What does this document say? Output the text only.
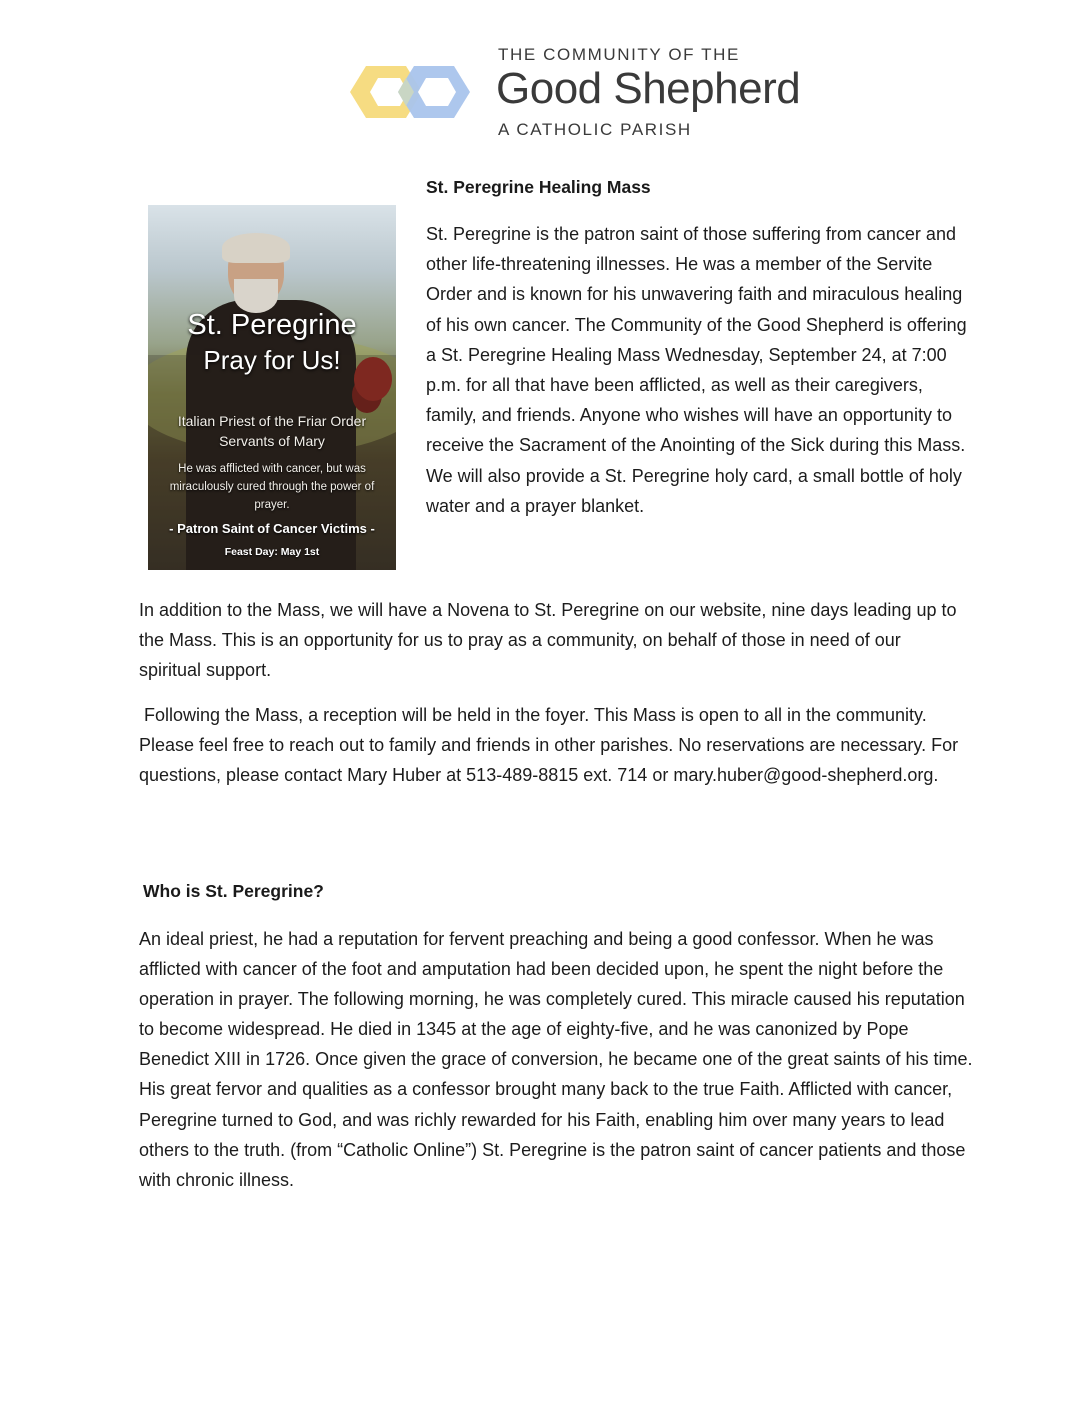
THE COMMUNITY OF THE
Good Shepherd
A CATHOLIC PARISH
St. Peregrine Healing Mass
St. Peregrine
Pray for Us!
Italian Priest of the Friar Order Servants of Mary
He was afflicted with cancer, but was miraculously cured through the power of prayer.
- Patron Saint of Cancer Victims -
Feast Day: May 1st

St. Peregrine is the patron saint of those suffering from cancer and other life-threatening illnesses. He was a member of the Servite Order and is known for his unwavering faith and miraculous healing of his own cancer. The Community of the Good Shepherd is offering a St. Peregrine Healing Mass Wednesday, September 24, at 7:00 p.m. for all that have been afflicted, as well as their caregivers, family, and friends. Anyone who wishes will have an opportunity to receive the Sacrament of the Anointing of the Sick during this Mass. We will also provide a St. Peregrine holy card, a small bottle of holy water and a prayer blanket.

In addition to the Mass, we will have a Novena to St. Peregrine on our website, nine days leading up to the Mass. This is an opportunity for us to pray as a community, on behalf of those in need of our spiritual support.

Following the Mass, a reception will be held in the foyer. This Mass is open to all in the community. Please feel free to reach out to family and friends in other parishes. No reservations are necessary. For questions, please contact Mary Huber at 513-489-8815 ext. 714 or mary.huber@good-shepherd.org.

Who is St. Peregrine?

An ideal priest, he had a reputation for fervent preaching and being a good confessor. When he was afflicted with cancer of the foot and amputation had been decided upon, he spent the night before the operation in prayer. The following morning, he was completely cured. This miracle caused his reputation to become widespread. He died in 1345 at the age of eighty-five, and he was canonized by Pope Benedict XIII in 1726. Once given the grace of conversion, he became one of the great saints of his time. His great fervor and qualities as a confessor brought many back to the true Faith. Afflicted with cancer, Peregrine turned to God, and was richly rewarded for his Faith, enabling him over many years to lead others to the truth. (from “Catholic Online”) St. Peregrine is the patron saint of cancer patients and those with chronic illness.
